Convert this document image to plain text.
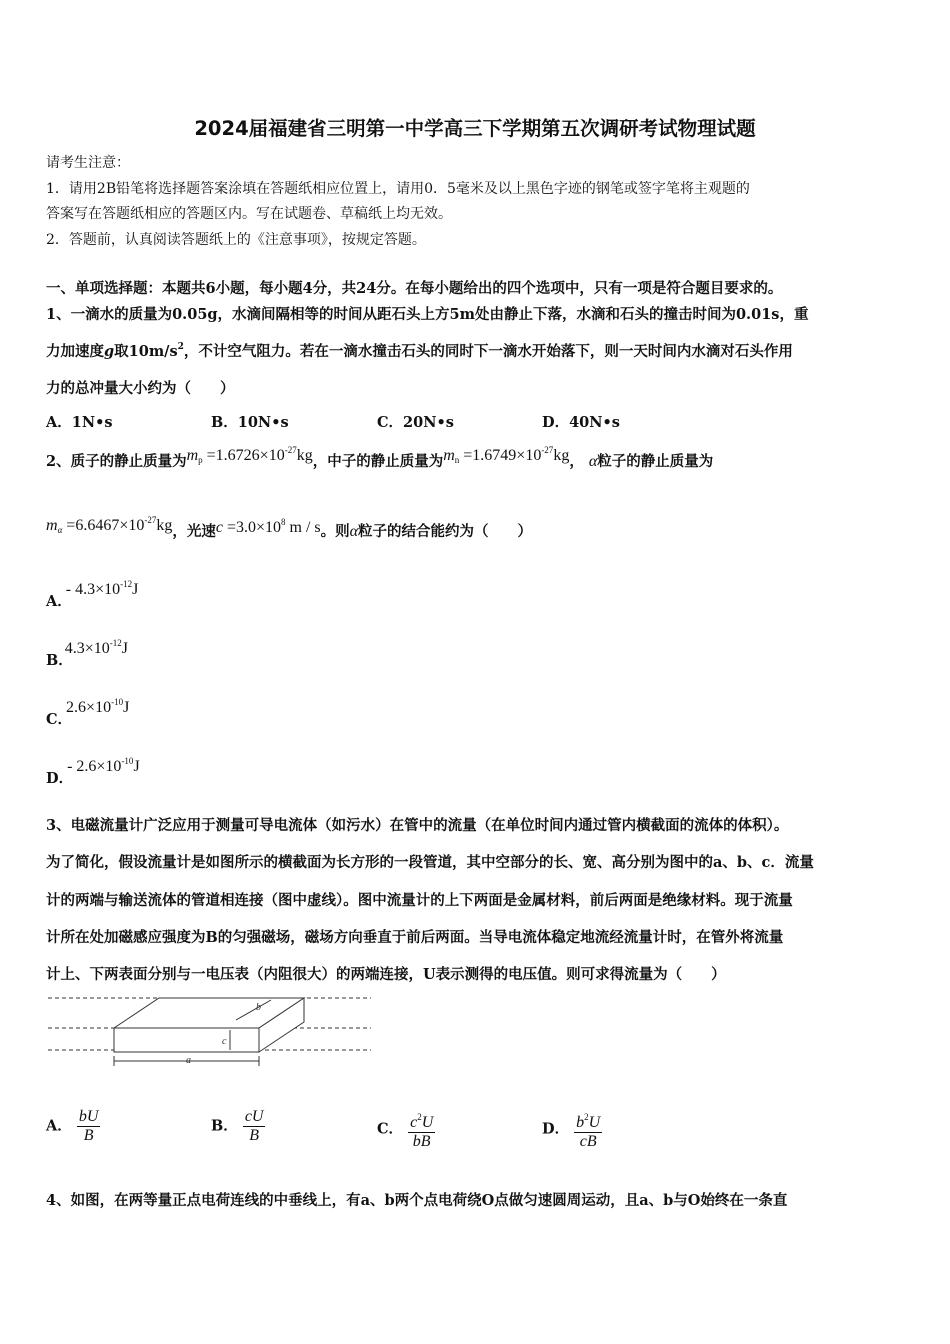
2024届福建省三明第一中学高三下学期第五次调研考试物理试题
请考生注意：
1．请用2B铅笔将选择题答案涂填在答题纸相应位置上，请用0．5毫米及以上黑色字迹的钢笔或签字笔将主观题的
答案写在答题纸相应的答题区内。写在试题卷、草稿纸上均无效。
2．答题前，认真阅读答题纸上的《注意事项》，按规定答题。
一、单项选择题：本题共6小题，每小题4分，共24分。在每小题给出的四个选项中，只有一项是符合题目要求的。
1、一滴水的质量为0.05g，水滴间隔相等的时间从距石头上方5m处由静止下落，水滴和石头的撞击时间为0.01s，重
力加速度g取$10m/s^2$，不计空气阻力。若在一滴水撞击石头的同时下一滴水开始落下，则一天时间内水滴对石头作用
力的总冲量大小约为（　　）
A．1N•s	B．10N•s	C．20N•s	D．40N•s
2、质子的静止质量为$m_p =1.6726\times 10^{-27}kg$，中子的静止质量为$m_n =1.6749\times 10^{-27}kg$， α粒子的静止质量为
$m_\alpha =6.6467\times 10^{-27}kg$，光速$c =3.0\times 10^8$ m / s。则α粒子的结合能约为（　　）
A．- $4.3\times 10^{-12}J$
B．$4.3\times 10^{-12}J$
C．$2.6\times 10^{-10}J$
D．- $2.6\times 10^{-10}J$
3、电磁流量计广泛应用于测量可导电流体（如污水）在管中的流量（在单位时间内通过管内横截面的流体的体积）。
为了简化，假设流量计是如图所示的横截面为长方形的一段管道，其中空部分的长、宽、高分别为图中的a、b、c．流量
计的两端与输送流体的管道相连接（图中虚线）。图中流量计的上下两面是金属材料，前后两面是绝缘材料。现于流量
计所在处加磁感应强度为B的匀强磁场，磁场方向垂直于前后两面。当导电流体稳定地流经流量计时，在管外将流量
计上、下两表面分别与一电压表（内阻很大）的两端连接，U表示测得的电压值。则可求得流量为（　　）
a
b
c
A． $\frac{bU}{B}$	B． $\frac{cU}{B}$	C． $\frac{c^2U}{bB}$	D． $\frac{b^2U}{cB}$
4、如图，在两等量正点电荷连线的中垂线上，有a、b两个点电荷绕O点做匀速圆周运动，且a、b与O始终在一条直
